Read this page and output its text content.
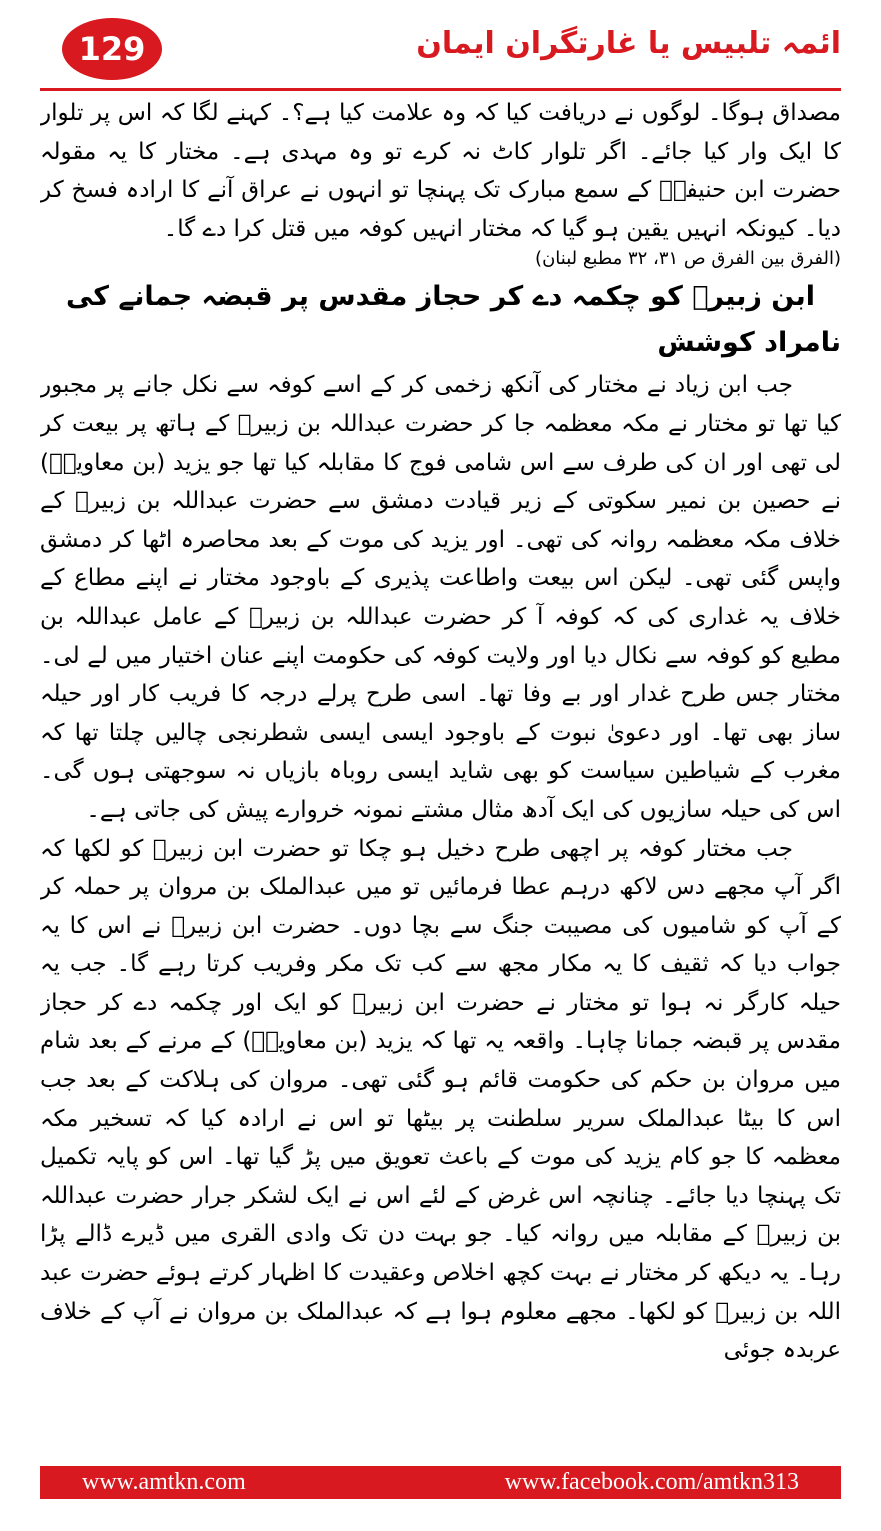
129	ائمہ تلبیس یا غارتگران ایمان

مصداق ہوگا۔ لوگوں نے دریافت کیا کہ وہ علامت کیا ہے؟۔ کہنے لگا کہ اس پر تلوار کا ایک وار کیا جائے۔ اگر تلوار کاٹ نہ کرے تو وہ مہدی ہے۔ مختار کا یہ مقولہ حضرت ابن حنیفہؒ کے سمع مبارک تک پہنچا تو انہوں نے عراق آنے کا ارادہ فسخ کر دیا۔ کیونکہ انہیں یقین ہو گیا کہ مختار انہیں کوفہ میں قتل کرا دے گا۔

(الفرق بین الفرق ص ۳۱، ۳۲ مطبع لبنان)
ابن زبیرؓ کو چکمہ دے کر حجاز مقدس پر قبضہ جمانے کی نامراد کوشش

جب ابن زیاد نے مختار کی آنکھ زخمی کر کے اسے کوفہ سے نکل جانے پر مجبور کیا تھا تو مختار نے مکہ معظمہ جا کر حضرت عبداللہ بن زبیرؓ کے ہاتھ پر بیعت کر لی تھی اور ان کی طرف سے اس شامی فوج کا مقابلہ کیا تھا جو یزید (بن معاویہؓ) نے حصین بن نمیر سکوتی کے زیر قیادت دمشق سے حضرت عبداللہ بن زبیرؓ کے خلاف مکہ معظمہ روانہ کی تھی۔ اور یزید کی موت کے بعد محاصرہ اٹھا کر دمشق واپس گئی تھی۔ لیکن اس بیعت واطاعت پذیری کے باوجود مختار نے اپنے مطاع کے خلاف یہ غداری کی کہ کوفہ آ کر حضرت عبداللہ بن زبیرؓ کے عامل عبداللہ بن مطیع کو کوفہ سے نکال دیا اور ولایت کوفہ کی حکومت اپنے عنان اختیار میں لے لی۔ مختار جس طرح غدار اور بے وفا تھا۔ اسی طرح پرلے درجہ کا فریب کار اور حیلہ ساز بھی تھا۔ اور دعویٰ نبوت کے باوجود ایسی ایسی شطرنجی چالیں چلتا تھا کہ مغرب کے شیاطین سیاست کو بھی شاید ایسی روباہ بازیاں نہ سوجھتی ہوں گی۔ اس کی حیلہ سازیوں کی ایک آدھ مثال مشتے نمونہ خروارے پیش کی جاتی ہے۔

جب مختار کوفہ پر اچھی طرح دخیل ہو چکا تو حضرت ابن زبیرؓ کو لکھا کہ اگر آپ مجھے دس لاکھ درہم عطا فرمائیں تو میں عبدالملک بن مروان پر حملہ کر کے آپ کو شامیوں کی مصیبت جنگ سے بچا دوں۔ حضرت ابن زبیرؓ نے اس کا یہ جواب دیا کہ ثقیف کا یہ مکار مجھ سے کب تک مکر وفریب کرتا رہے گا۔ جب یہ حیلہ کارگر نہ ہوا تو مختار نے حضرت ابن زبیرؓ کو ایک اور چکمہ دے کر حجاز مقدس پر قبضہ جمانا چاہا۔ واقعہ یہ تھا کہ یزید (بن معاویہؓ) کے مرنے کے بعد شام میں مروان بن حکم کی حکومت قائم ہو گئی تھی۔ مروان کی ہلاکت کے بعد جب اس کا بیٹا عبدالملک سریر سلطنت پر بیٹھا تو اس نے ارادہ کیا کہ تسخیر مکہ معظمہ کا جو کام یزید کی موت کے باعث تعویق میں پڑ گیا تھا۔ اس کو پایہ تکمیل تک پہنچا دیا جائے۔ چنانچہ اس غرض کے لئے اس نے ایک لشکر جرار حضرت عبداللہ بن زبیرؓ کے مقابلہ میں روانہ کیا۔ جو بہت دن تک وادی القری میں ڈیرے ڈالے پڑا رہا۔ یہ دیکھ کر مختار نے بہت کچھ اخلاص وعقیدت کا اظہار کرتے ہوئے حضرت عبد اللہ بن زبیرؓ کو لکھا۔ مجھے معلوم ہوا ہے کہ عبدالملک بن مروان نے آپ کے خلاف عربدہ جوئی

www.amtkn.com	www.facebook.com/amtkn313
